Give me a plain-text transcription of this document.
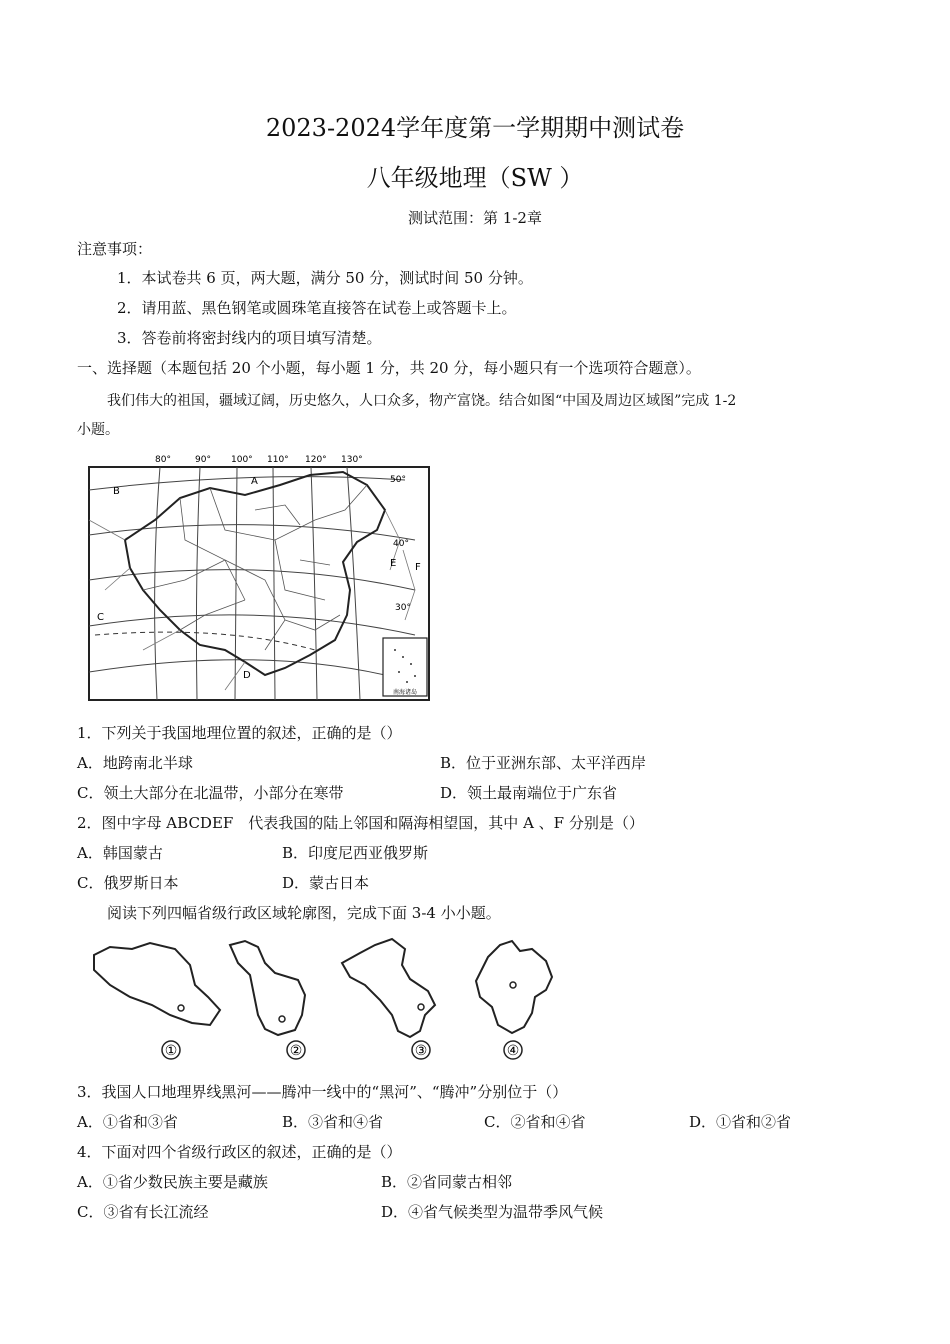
2023-2024学年度第一学期期中测试卷
八年级地理（SW ）
测试范围：第 1-2章
注意事项：
1．本试卷共 6 页，两大题，满分 50 分，测试时间 50 分钟。
2．请用蓝、黑色钢笔或圆珠笔直接答在试卷上或答题卡上。
3．答卷前将密封线内的项目填写清楚。
一、选择题（本题包括 20 个小题，每小题 1 分，共 20 分，每小题只有一个选项符合题意）。
我们伟大的祖国，疆域辽阔，历史悠久，人口众多，物产富饶。结合如图“中国及周边区域图”完成 1-2
小题。
80°	90° 100° 110° 120° 130°
50°
40°
30°
A
B
C
D
E F
南海诸岛
1．下列关于我国地理位置的叙述，正确的是（）
A．地跨南北半球	B．位于亚洲东部、太平洋西岸
C．领土大部分在北温带，小部分在寒带	D．领土最南端位于广东省
2．图中字母 ABCDEF　代表我国的陆上邻国和隔海相望国，其中 A 、F 分别是（）
A．韩国蒙古	B．印度尼西亚俄罗斯
C．俄罗斯日本	D．蒙古日本
阅读下列四幅省级行政区域轮廓图，完成下面 3-4 小小题。
①	②	③	④
3．我国人口地理界线黑河——腾冲一线中的“黑河”、“腾冲”分别位于（）
A．①省和③省	B．③省和④省	C．②省和④省	D．①省和②省
4．下面对四个省级行政区的叙述，正确的是（）
A．①省少数民族主要是藏族	B．②省同蒙古相邻
C．③省有长江流经	D．④省气候类型为温带季风气候
